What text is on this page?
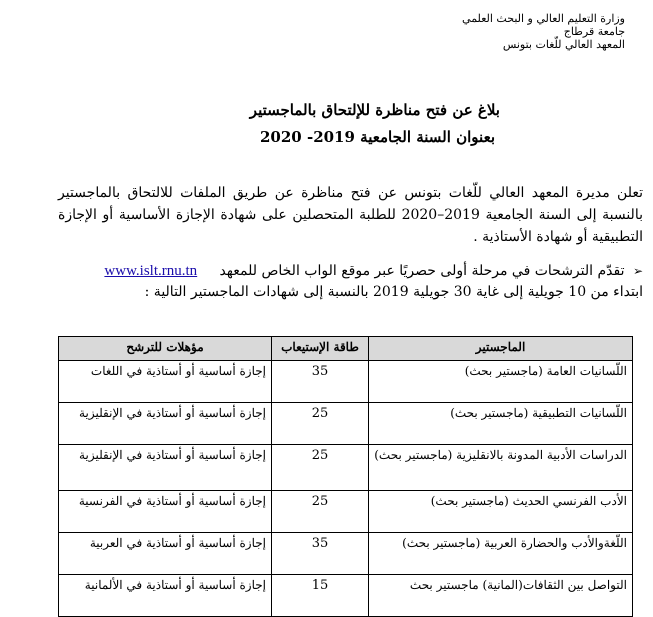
وزارة التعليم العالي و البحث العلمي
جامعة قرطاج
المعهد العالي للّغات بتونس
بلاغ عن فتح مناظرة للإلتحاق بالماجستير
بعنوان السنة الجامعية 2019- 2020

تعلن مديرة المعهد العالي للّغات بتونس عن فتح مناظرة عن طريق الملفات للالتحاق بالماجستير بالنسبة إلى السنة الجامعية 2019–2020 للطلبة المتحصلين على شهادة الإجازة الأساسية أو الإجازة التطبيقية أو شهادة الأستاذية .

➢ تقدّم الترشحات في مرحلة أولى حصريًا عبر موقع الواب الخاص للمعهد     www.islt.rnu.tn
ابتداء من 10 جويلية إلى غاية 30 جويلية 2019 بالنسبة إلى شهادات الماجستير التالية :
الماجستير	طاقة الإستيعاب	مؤهلات للترشح
اللّسانيات العامة (ماجستير بحث)	35	إجازة أساسية أو أستاذية في اللغات
اللّسانيات التطبيقية (ماجستير بحث)	25	إجازة أساسية أو أستاذية في الإنقليزية
الدراسات الأدبية المدونة بالانقليزية (ماجستير بحث)	25	إجازة أساسية أو أستاذية في الإنقليزية
الأدب الفرنسي الحديث (ماجستير بحث)	25	إجازة أساسية أو أستاذية في الفرنسية
اللّغةوالأدب والحضارة العربية (ماجستير بحث)	35	إجازة أساسية أو أستاذية في العربية
التواصل بين الثقافات(المانية) ماجستير بحث	15	إجازة أساسية أو أستاذية في الألمانية
